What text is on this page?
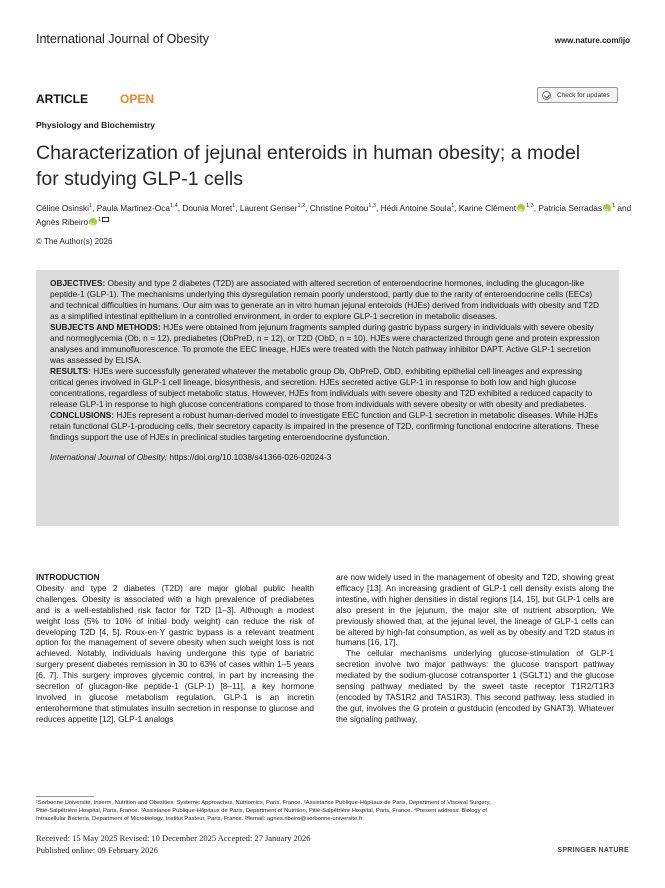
International Journal of Obesity	www.nature.com/ijo
ARTICLE	OPEN	Check for updates
Physiology and Biochemistry
Characterization of jejunal enteroids in human obesity; a model
for studying GLP-1 cells
Céline Osinski$^1$, Paula Martinez-Oca$^{1,4}$, Dounia Moret$^1$, Laurent Genser$^{1,2}$, Christine Poitou$^{1,3}$, Hédi Antoine Soula$^1$, Karine Clément iD $^{1,3}$, Patricia Serradas iD $^1$ and Agnès Ribeiro iD $^1$
© The Author(s) 2026

OBJECTIVES: Obesity and type 2 diabetes (T2D) are associated with altered secretion of enteroendocrine hormones, including the glucagon-like peptide-1 (GLP-1). The mechanisms underlying this dysregulation remain poorly understood, partly due to the rarity of enteroendocrine cells (EECs) and technical difficulties in humans. Our aim was to generate an in vitro human jejunal enteroids (HJEs) derived from individuals with obesity and T2D as a simplified intestinal epithelium in a controlled environment, in order to explore GLP-1 secretion in metabolic diseases.

SUBJECTS AND METHODS: HJEs were obtained from jejunum fragments sampled during gastric bypass surgery in individuals with severe obesity and normoglycemia (Ob, n = 12), prediabetes (ObPreD, n = 12), or T2D (ObD, n = 10). HJEs were characterized through gene and protein expression analyses and immunofluorescence. To promote the EEC lineage, HJEs were treated with the Notch pathway inhibitor DAPT. Active GLP-1 secretion was assessed by ELISA.

RESULTS: HJEs were successfully generated whatever the metabolic group Ob, ObPreD, ObD, exhibiting epithelial cell lineages and expressing critical genes involved in GLP-1 cell lineage, biosynthesis, and secretion. HJEs secreted active GLP-1 in response to both low and high glucose concentrations, regardless of subject metabolic status. However, HJEs from individuals with severe obesity and T2D exhibited a reduced capacity to release GLP-1 in response to high glucose concentrations compared to those from individuals with severe obesity or with obesity and prediabetes.

CONCLUSIONS: HJEs represent a robust human-derived model to investigate EEC function and GLP-1 secretion in metabolic diseases. While HJEs retain functional GLP-1-producing cells, their secretory capacity is impaired in the presence of T2D, confirming functional endocrine alterations. These findings support the use of HJEs in preclinical studies targeting enteroendocrine dysfunction.

International Journal of Obesity; https://doi.org/10.1038/s41366-026-02024-3

INTRODUCTION

Obesity and type 2 diabetes (T2D) are major global public health challenges. Obesity is associated with a high prevalence of prediabetes and is a well-established risk factor for T2D [1–3]. Although a modest weight loss (5% to 10% of initial body weight) can reduce the risk of developing T2D [4, 5]. Roux-en-Y gastric bypass is a relevant treatment option for the management of severe obesity when such weight loss is not achieved. Notably, individuals having undergone this type of bariatric surgery present diabetes remission in 30 to 63% of cases within 1–5 years [6, 7]. This surgery improves glycemic control, in part by increasing the secretion of glucagon-like peptide-1 (GLP-1) [8–11], a key hormone involved in glucose metabolism regulation. GLP-1 is an incretin enterohormone that stimulates insulin secretion in response to glucose and reduces appetite [12]. GLP-1 analogs

are now widely used in the management of obesity and T2D, showing great efficacy [13]. An increasing gradient of GLP-1 cell density exists along the intestine, with higher densities in distal regions [14, 15], but GLP-1 cells are also present in the jejunum, the major site of nutrient absorption. We previously showed that, at the jejunal level, the lineage of GLP-1 cells can be altered by high-fat consumption, as well as by obesity and T2D status in humans [16, 17].

The cellular mechanisms underlying glucose-stimulation of GLP-1 secretion involve two major pathways: the glucose transport pathway mediated by the sodium-glucose cotransporter 1 (SGLT1) and the glucose sensing pathway mediated by the sweet taste receptor T1R2/T1R3 (encoded by TAS1R2 and TAS1R3). This second pathway, less studied in the gut, involves the G protein α gustducin (encoded by GNAT3). Whatever the signaling pathway,

¹Sorbonne Université, Inserm, Nutrition and Obesities: Systemic Approaches, Nutriomics, Paris, France. ²Assistance Publique-Hôpitaux de Paris, Department of Visceral Surgery,
Pitié-Salpêtrière Hospital, Paris, France. ³Assistance Publique-Hôpitaux de Paris, Department of Nutrition, Pitié-Salpêtrière Hospital, Paris, France. ⁴Present address: Biology of
Intracellular Bacteria, Department of Microbiology, Institut Pasteur, Paris, France. ✉email: agnes.ribeiro@sorbonne-universite.fr
Received: 15 May 2025 Revised: 10 December 2025 Accepted: 27 January 2026
Published online: 09 February 2026	SPRINGER NATURE
